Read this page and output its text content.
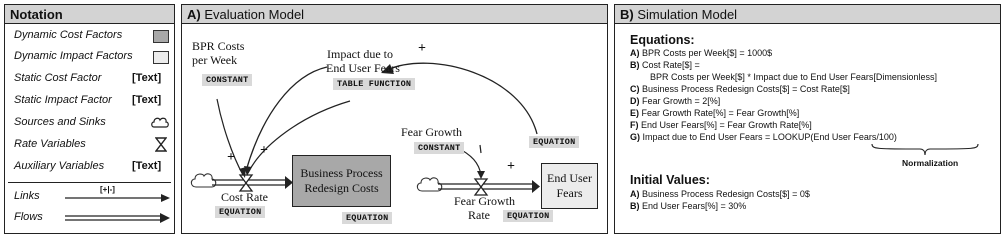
Notation
Dynamic Cost Factors
Dynamic Impact Factors
Static Cost Factor	[Text]
Static Impact Factor [Text]
Sources and Sinks
Rate Variables
Auxiliary Variables	[Text]
Links
[+|-]
Flows
A) Evaluation Model
BPR Costs
per Week
CONSTANT
Impact due to
End User Fears
TABLE FUNCTION
+
+ +
Cost Rate
EQUATION
Business Process
Redesign Costs
EQUATION
Fear Growth
CONSTANT
+
EQUATION
End User
Fears
Fear Growth
Rate	EQUATION
B) Simulation Model
Equations:
A) BPR Costs per Week[$] = 1000$
B) Cost Rate[$] =
BPR Costs per Week[$] * Impact due to End User Fears[Dimensionless]
C) Business Process Redesign Costs[$] = Cost Rate[$]
D) Fear Growth = 2[%]
E) Fear Growth Rate[%] = Fear Growth[%]
F) End User Fears[%] = Fear Growth Rate[%]
G) Impact due to End User Fears = LOOKUP(End User Fears/100)
Normalization
Initial Values:
A) Business Process Redesign Costs[$] = 0$
B) End User Fears[%] = 30%
